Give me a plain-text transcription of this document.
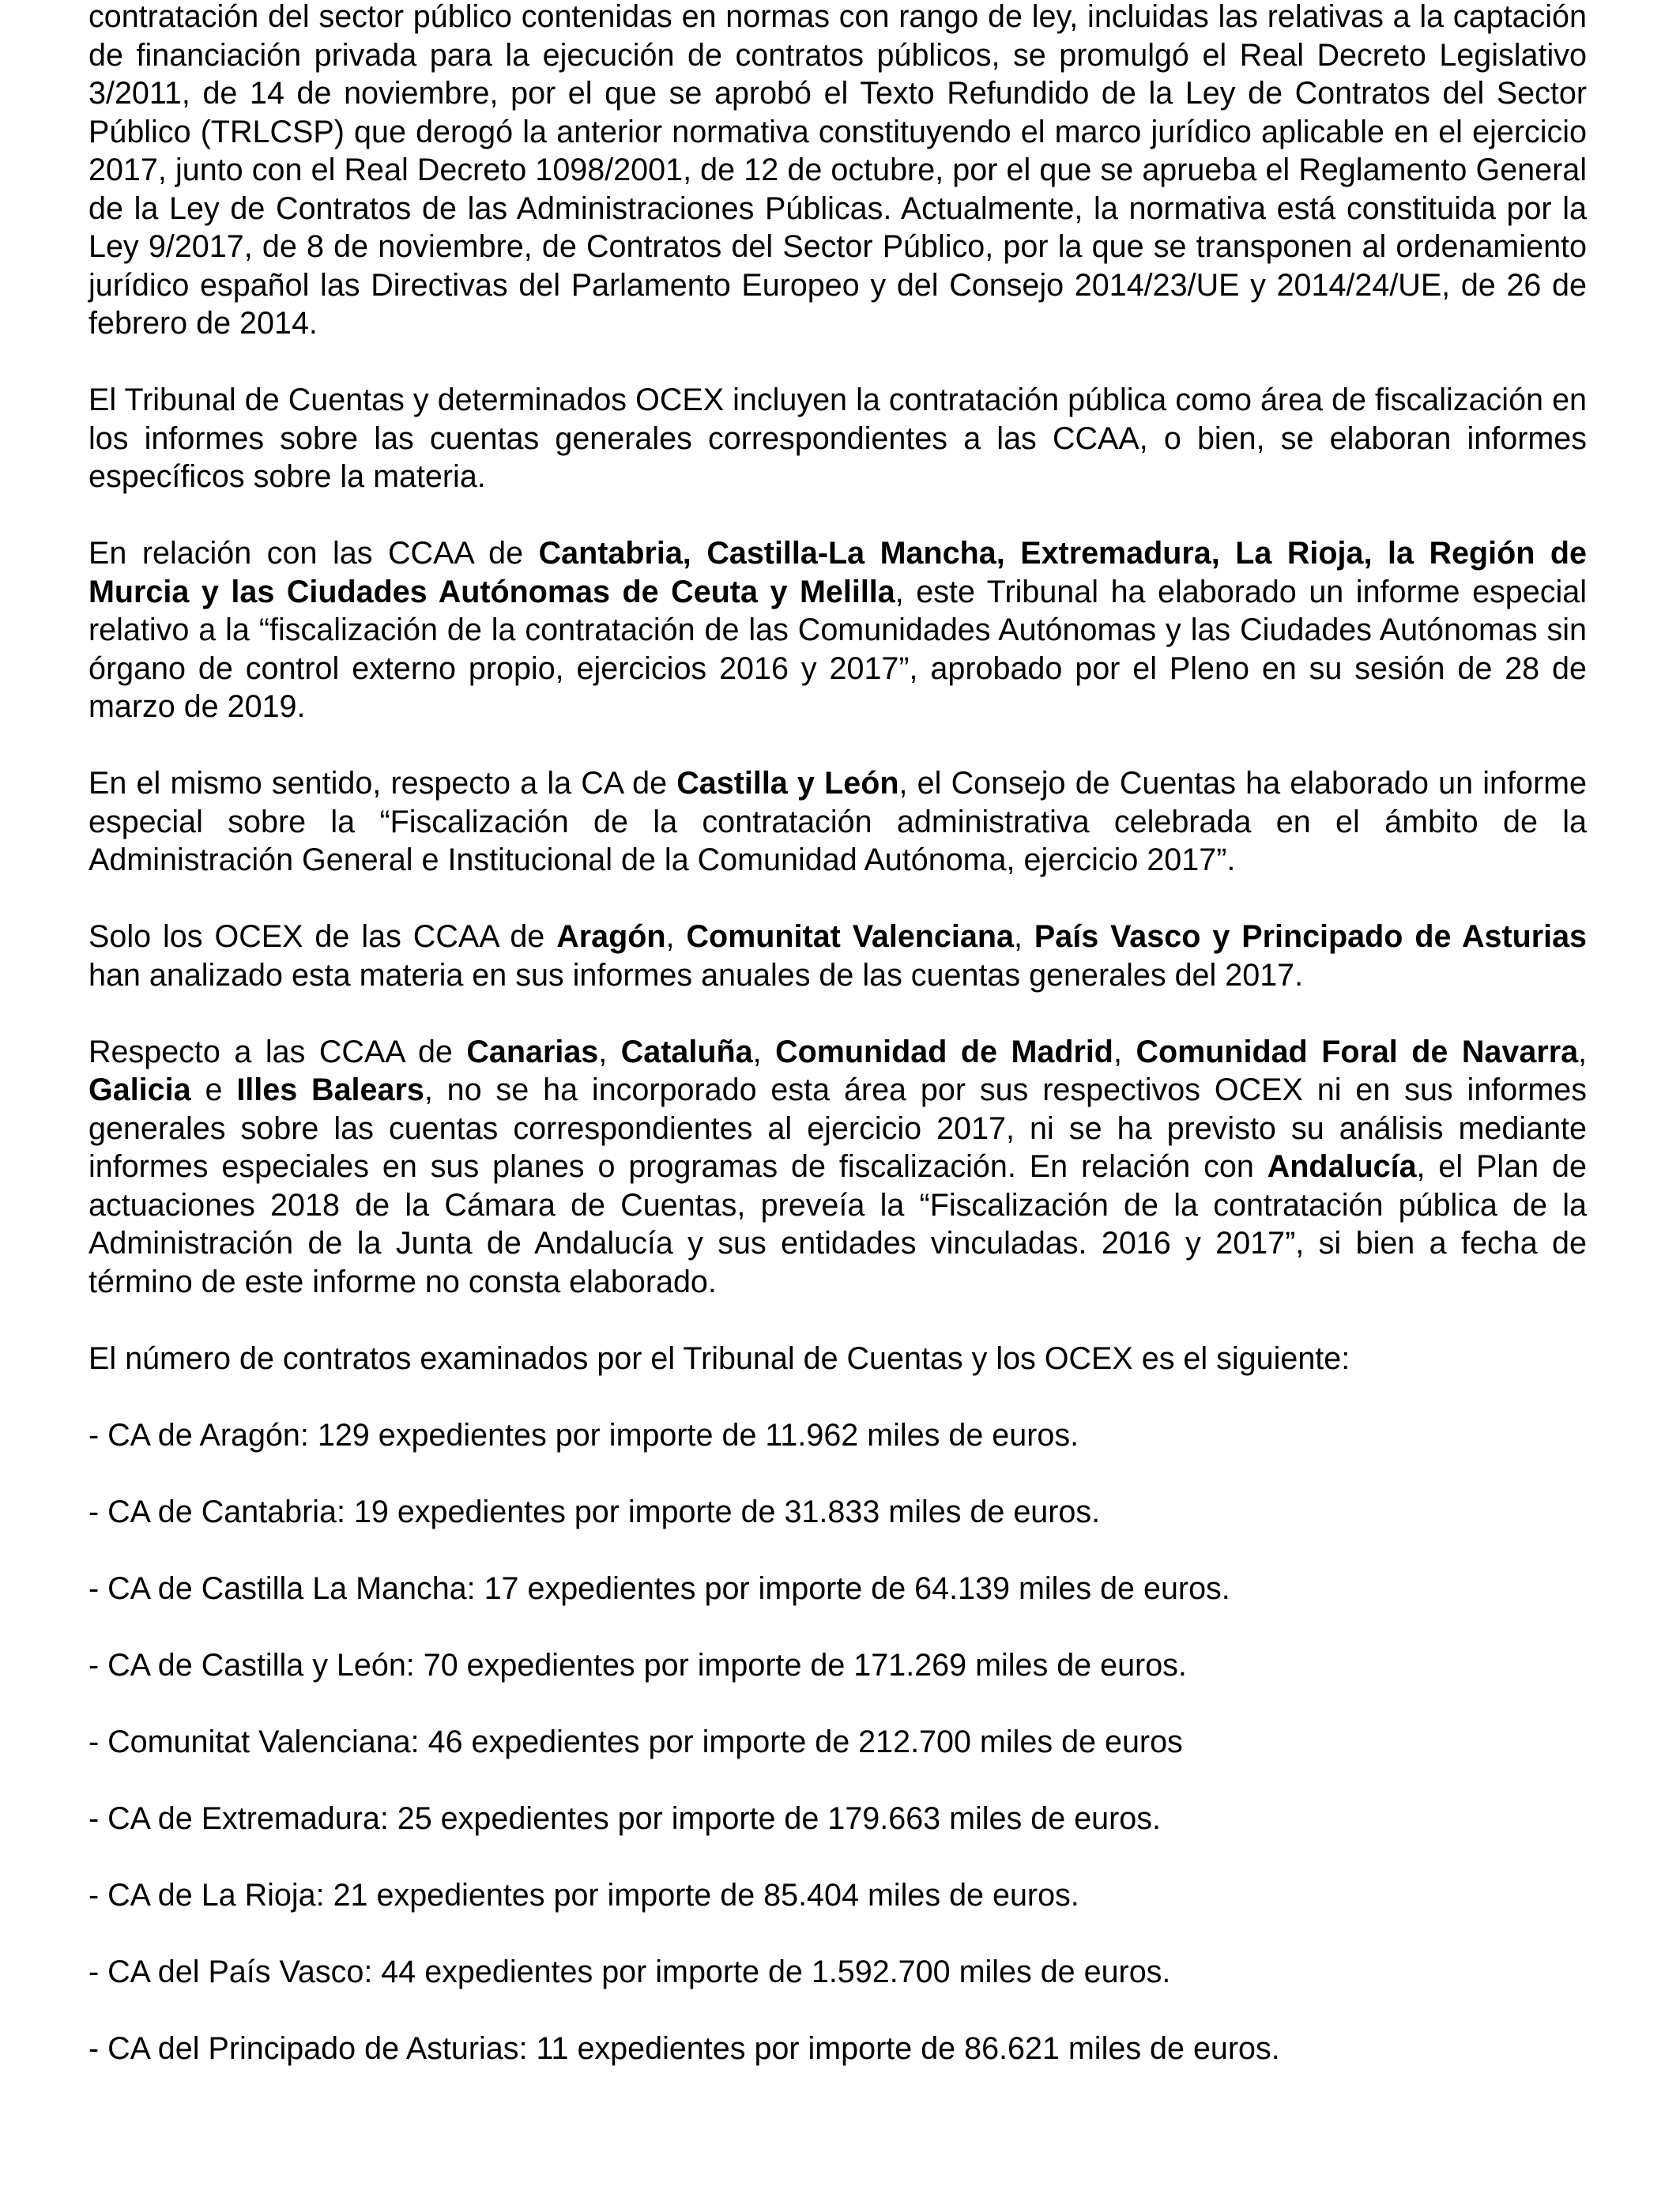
contratación del sector público contenidas en normas con rango de ley, incluidas las relativas a la captación de financiación privada para la ejecución de contratos públicos, se promulgó el Real Decreto Legislativo 3/2011, de 14 de noviembre, por el que se aprobó el Texto Refundido de la Ley de Contratos del Sector Público (TRLCSP) que derogó la anterior normativa constituyendo el marco jurídico aplicable en el ejercicio 2017, junto con el Real Decreto 1098/2001, de 12 de octubre, por el que se aprueba el Reglamento General de la Ley de Contratos de las Administraciones Públicas. Actualmente, la normativa está constituida por la Ley 9/2017, de 8 de noviembre, de Contratos del Sector Público, por la que se transponen al ordenamiento jurídico español las Directivas del Parlamento Europeo y del Consejo 2014/23/UE y 2014/24/UE, de 26 de febrero de 2014.

El Tribunal de Cuentas y determinados OCEX incluyen la contratación pública como área de fiscalización en los informes sobre las cuentas generales correspondientes a las CCAA, o bien, se elaboran informes específicos sobre la materia.

En relación con las CCAA de Cantabria, Castilla-La Mancha, Extremadura, La Rioja, la Región de Murcia y las Ciudades Autónomas de Ceuta y Melilla, este Tribunal ha elaborado un informe especial relativo a la “fiscalización de la contratación de las Comunidades Autónomas y las Ciudades Autónomas sin órgano de control externo propio, ejercicios 2016 y 2017”, aprobado por el Pleno en su sesión de 28 de marzo de 2019.

En el mismo sentido, respecto a la CA de Castilla y León, el Consejo de Cuentas ha elaborado un informe especial sobre la “Fiscalización de la contratación administrativa celebrada en el ámbito de la Administración General e Institucional de la Comunidad Autónoma, ejercicio 2017”.

Solo los OCEX de las CCAA de Aragón, Comunitat Valenciana, País Vasco y Principado de Asturias han analizado esta materia en sus informes anuales de las cuentas generales del 2017.

Respecto a las CCAA de Canarias, Cataluña, Comunidad de Madrid, Comunidad Foral de Navarra, Galicia e Illes Balears, no se ha incorporado esta área por sus respectivos OCEX ni en sus informes generales sobre las cuentas correspondientes al ejercicio 2017, ni se ha previsto su análisis mediante informes especiales en sus planes o programas de fiscalización. En relación con Andalucía, el Plan de actuaciones 2018 de la Cámara de Cuentas, preveía la “Fiscalización de la contratación pública de la Administración de la Junta de Andalucía y sus entidades vinculadas. 2016 y 2017”, si bien a fecha de término de este informe no consta elaborado.

El número de contratos examinados por el Tribunal de Cuentas y los OCEX es el siguiente:

- CA de Aragón: 129 expedientes por importe de 11.962 miles de euros.

- CA de Cantabria: 19 expedientes por importe de 31.833 miles de euros.

- CA de Castilla La Mancha: 17 expedientes por importe de 64.139 miles de euros.

- CA de Castilla y León: 70 expedientes por importe de 171.269 miles de euros.

- Comunitat Valenciana: 46 expedientes por importe de 212.700 miles de euros

- CA de Extremadura: 25 expedientes por importe de 179.663 miles de euros.

- CA de La Rioja: 21 expedientes por importe de 85.404 miles de euros.

- CA del País Vasco: 44 expedientes por importe de 1.592.700 miles de euros.

- CA del Principado de Asturias: 11 expedientes por importe de 86.621 miles de euros.
